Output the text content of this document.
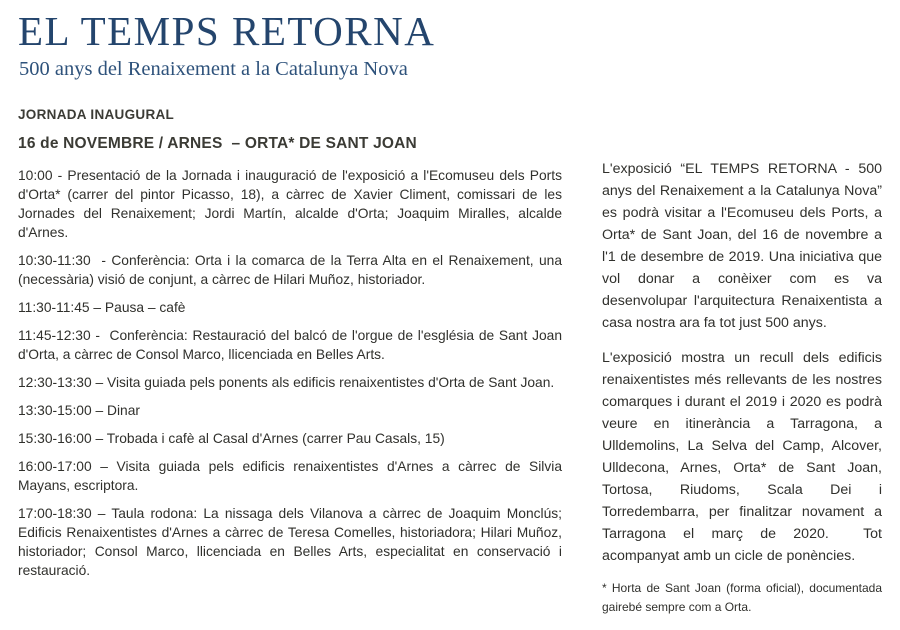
EL TEMPS RETORNA
500 anys del Renaixement a la Catalunya Nova
JORNADA INAUGURAL
16 de NOVEMBRE / ARNES  – ORTA* DE SANT JOAN

10:00 - Presentació de la Jornada i inauguració de l'exposició a l'Ecomuseu dels Ports d'Orta* (carrer del pintor Picasso, 18), a càrrec de Xavier Climent, comissari de les Jornades del Renaixement; Jordi Martín, alcalde d'Orta; Joaquim Miralles, alcalde d'Arnes.

10:30-11:30  - Conferència: Orta i la comarca de la Terra Alta en el Renaixement, una (necessària) visió de conjunt, a càrrec de Hilari Muñoz, historiador.

11:30-11:45 – Pausa – cafè

11:45-12:30 -  Conferència: Restauració del balcó de l'orgue de l'església de Sant Joan d'Orta, a càrrec de Consol Marco, llicenciada en Belles Arts.

12:30-13:30 – Visita guiada pels ponents als edificis renaixentistes d'Orta de Sant Joan.

13:30-15:00 – Dinar

15:30-16:00 – Trobada i cafè al Casal d'Arnes (carrer Pau Casals, 15)

16:00-17:00 – Visita guiada pels edificis renaixentistes d'Arnes a càrrec de Silvia Mayans, escriptora.

17:00-18:30 – Taula rodona: La nissaga dels Vilanova a càrrec de Joaquim Monclús; Edificis Renaixentistes d'Arnes a càrrec de Teresa Comelles, historiadora; Hilari Muñoz, historiador; Consol Marco, llicenciada en Belles Arts, especialitat en conservació i restauració.

L'exposició “EL TEMPS RETORNA - 500 anys del Renaixement a la Catalunya Nova” es podrà visitar a l'Ecomuseu dels Ports, a Orta* de Sant Joan, del 16 de novembre a l'1 de desembre de 2019. Una iniciativa que vol donar a conèixer com es va desenvolupar l'arquitectura Renaixentista a casa nostra ara fa tot just 500 anys.

L'exposició mostra un recull dels edificis renaixentistes més rellevants de les nostres comarques i durant el 2019 i 2020 es podrà veure en itinerància a Tarragona, a Ulldemolins, La Selva del Camp, Alcover, Ulldecona, Arnes, Orta* de Sant Joan, Tortosa, Riudoms, Scala Dei i Torredembarra, per finalitzar novament a Tarragona el març de 2020.  Tot acompanyat amb un cicle de ponències.

* Horta de Sant Joan (forma oficial), documentada gairebé sempre com a Orta.
